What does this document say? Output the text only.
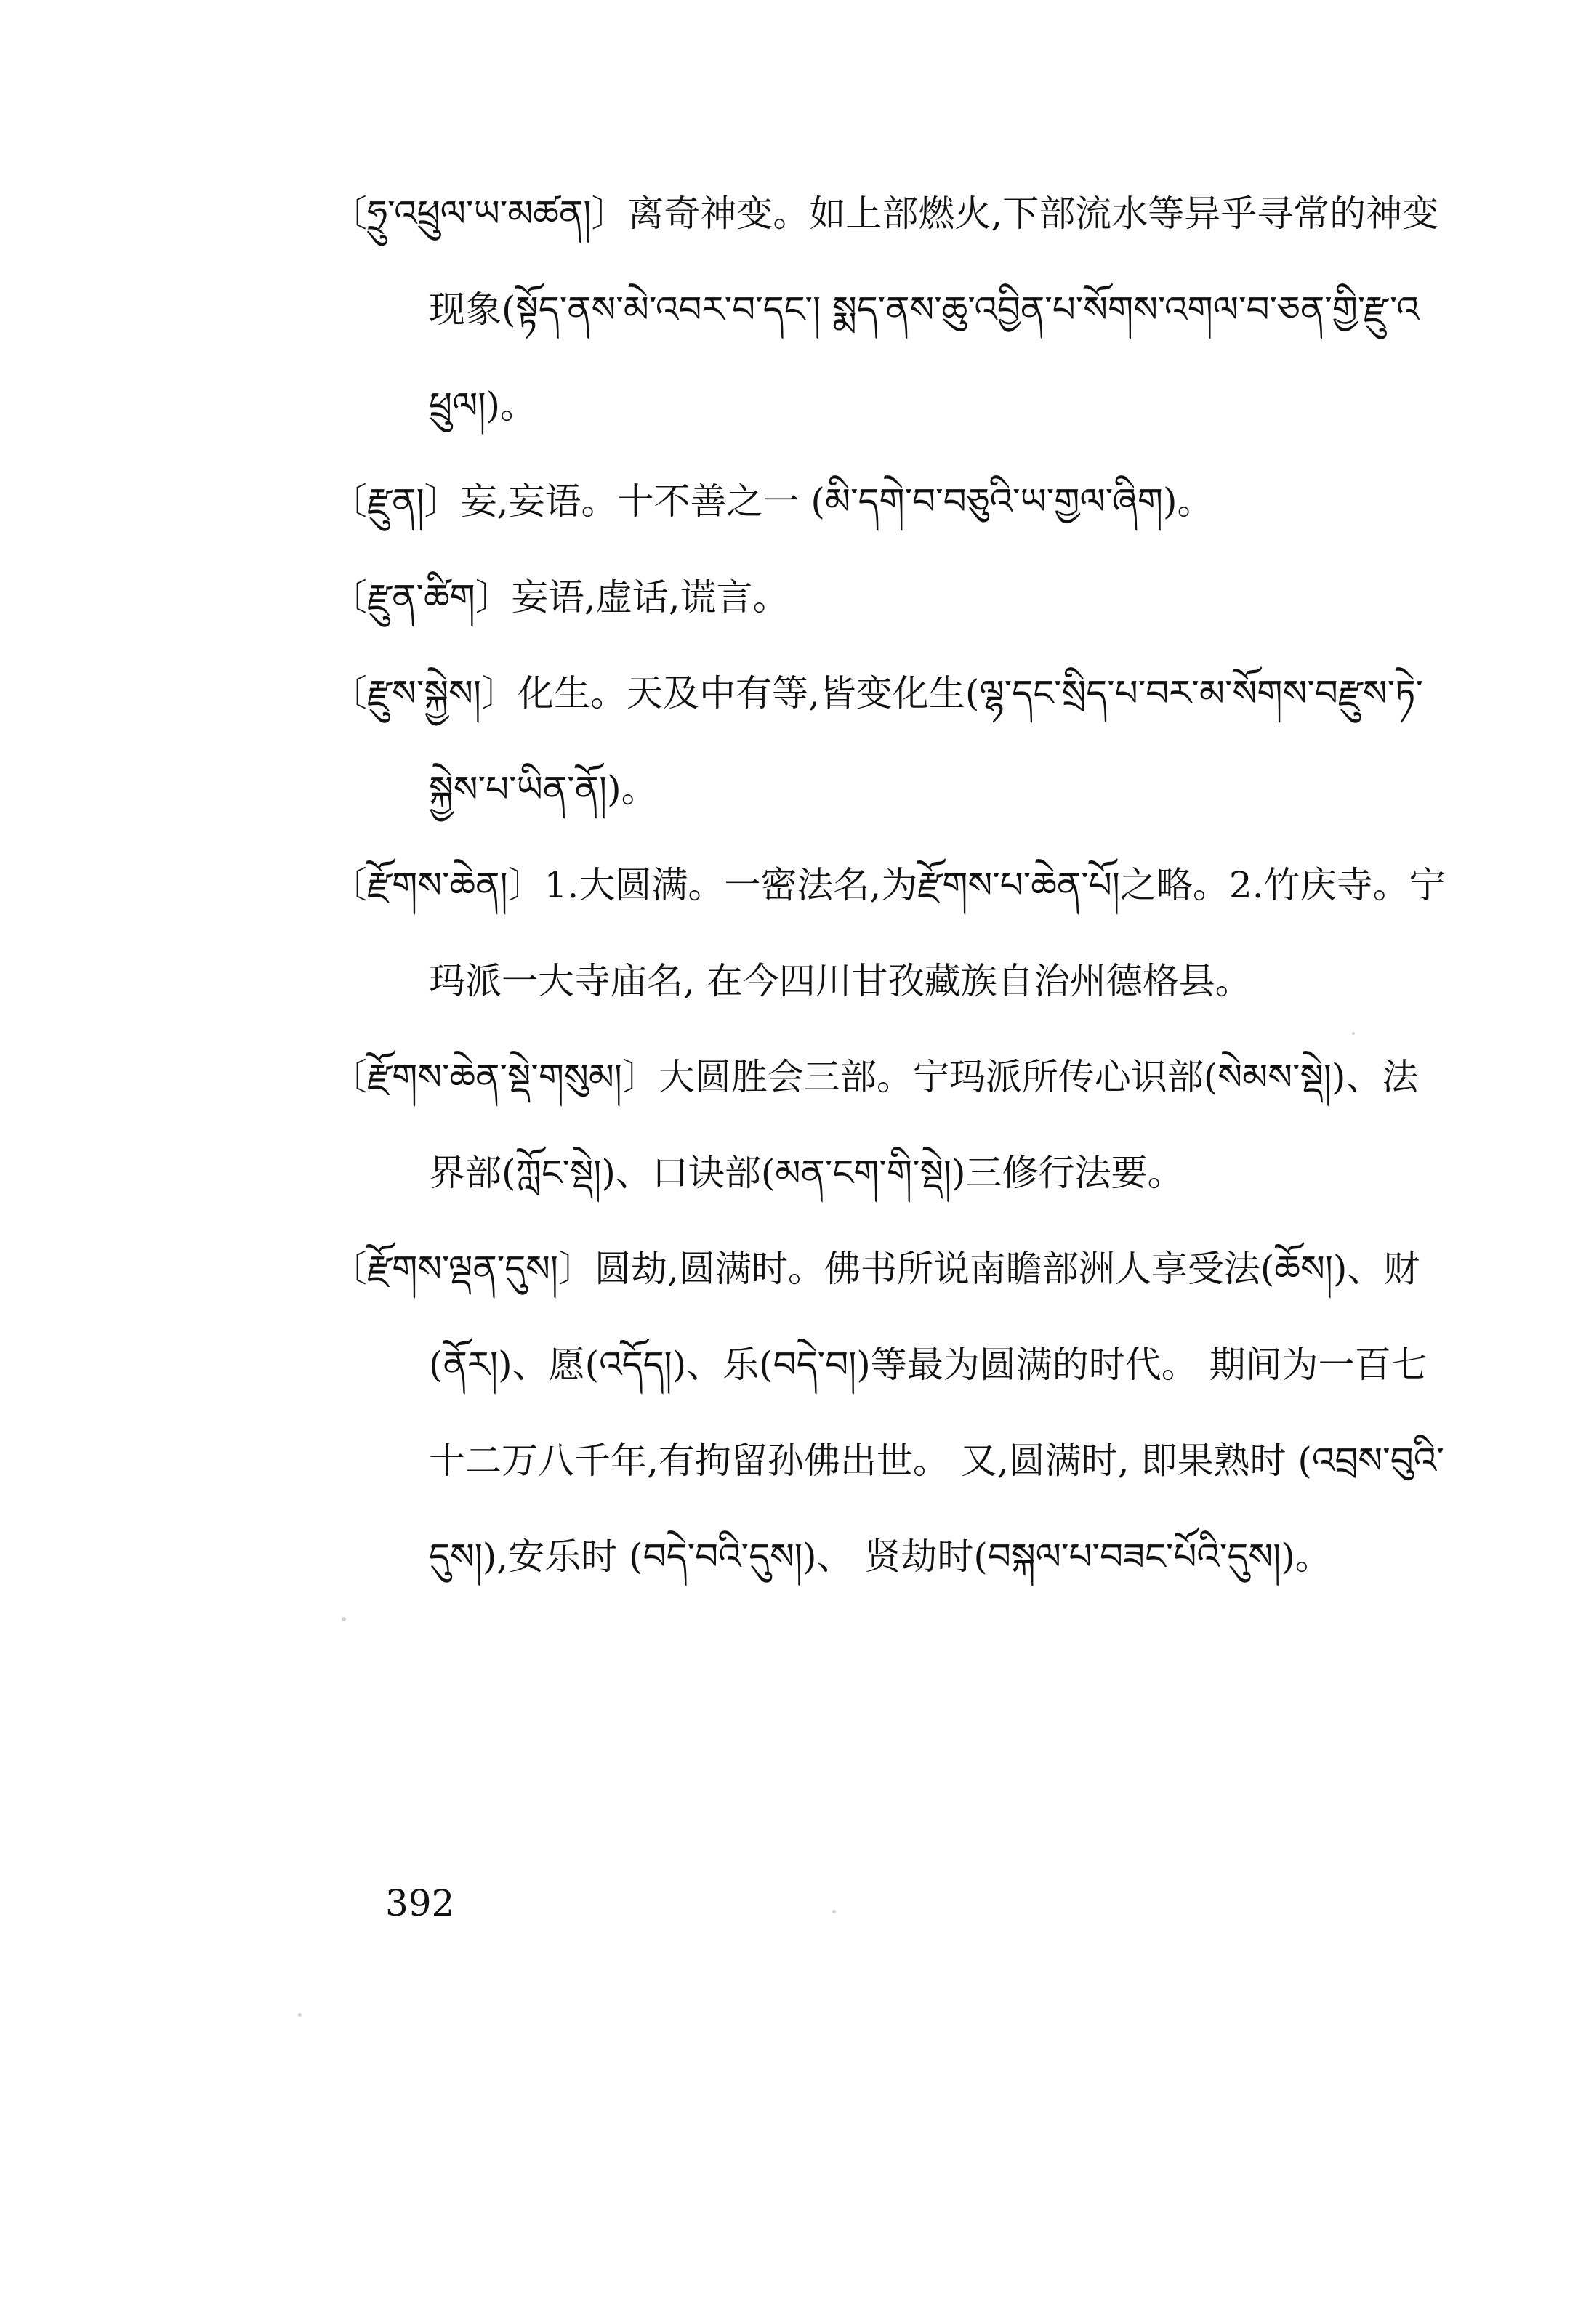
〔ཧྲུ་འཕྲུལ་ཡ་མཚན།〕离奇神变。如上部燃火,下部流水等异乎寻常的神变现象(སྟོད་ནས་མེ་འབར་བ་དང་། སྨད་ནས་ཆུ་འབྱིན་པ་སོགས་འགལ་བ་ཅན་གྱི་རྫུ་འཕྲུལ།)。

〔རྫུན།〕妄,妄语。十不善之一 (མི་དགེ་བ་བཅུའི་ཡ་གྱལ་ཞིག)。

〔རྫུན་ཚིག〕妄语,虚话,谎言。

〔རྫུས་སྐྱེས།〕化生。天及中有等,皆变化生(ལྷ་དང་སྲིད་པ་བར་མ་སོགས་བརྫུས་ཏེ་སྐྱེས་པ་ཡིན་ནོ།)。

〔རྫོགས་ཆེན།〕1.大圆满。一密法名,为རྫོགས་པ་ཆེན་པོ།之略。2.竹庆寺。宁玛派一大寺庙名, 在今四川甘孜藏族自治州德格县。

〔རྫོགས་ཆེན་སྡེ་གསུམ།〕大圆胜会三部。宁玛派所传心识部(སེམས་སྡེ།)、法界部(ཀློང་སྡེ།)、口诀部(མན་ངག་གི་སྡེ།)三修行法要。

〔རྫོགས་ལྡན་དུས།〕圆劫,圆满时。佛书所说南瞻部洲人享受法(ཆོས།)、财(ནོར།)、愿(འདོད།)、乐(བདེ་བ།)等最为圆满的时代。 期间为一百七十二万八千年,有拘留孙佛出世。 又,圆满时, 即果熟时 (འབྲས་བུའི་དུས།),安乐时 (བདེ་བའི་དུས།)、 贤劫时(བསྐལ་པ་བཟང་པོའི་དུས།)。

392
